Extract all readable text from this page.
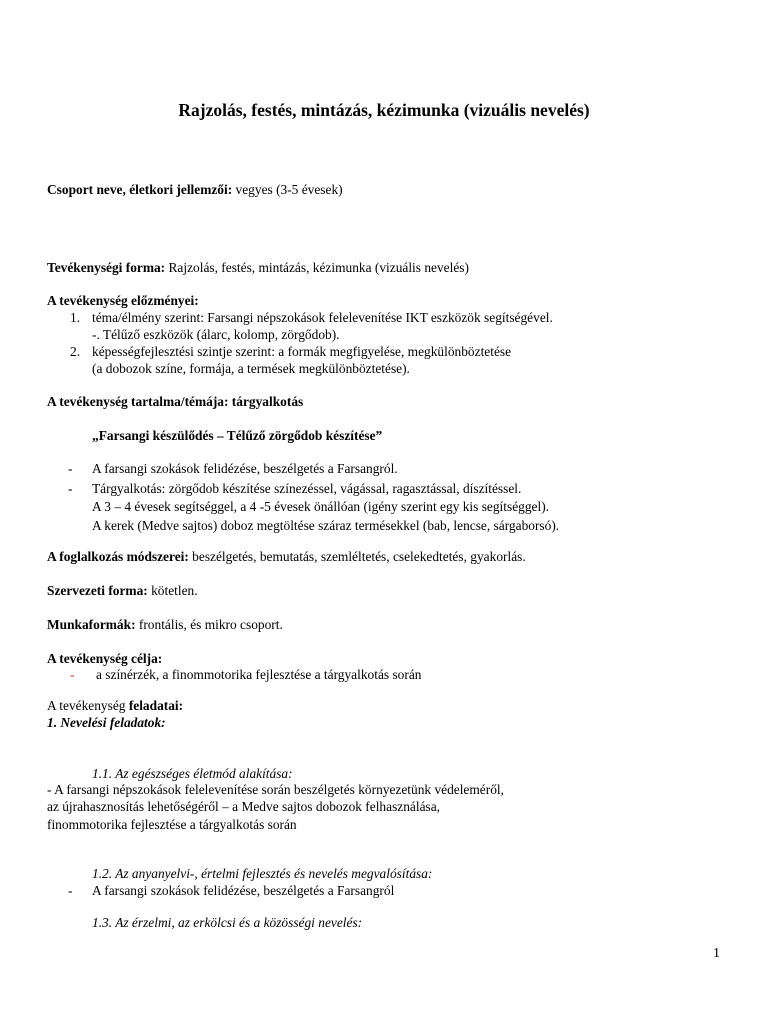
Rajzolás, festés, mintázás, kézimunka (vizuális nevelés)
Csoport neve, életkori jellemzői: vegyes (3-5 évesek)
Tevékenységi forma: Rajzolás, festés, mintázás, kézimunka (vizuális nevelés)
A tevékenység előzményei:
1. téma/élmény szerint: Farsangi népszokások felelevenítése IKT eszközök segítségével.
-. Télűző eszközök (álarc, kolomp, zörgődob).
2. képességfejlesztési szintje szerint: a formák megfigyelése, megkülönböztetése
(a dobozok színe, formája, a termések megkülönböztetése).
A tevékenység tartalma/témája: tárgyalkotás
„Farsangi készülődés – Télűző zörgődob készítése”
- A farsangi szokások felidézése, beszélgetés a Farsangról.
- Tárgyalkotás: zörgődob készítése színezéssel, vágással, ragasztással, díszítéssel.
A 3 – 4 évesek segítséggel, a 4 -5 évesek önállóan (igény szerint egy kis segítséggel).
A kerek (Medve sajtos) doboz megtöltése száraz termésekkel (bab, lencse, sárgaborsó).
A foglalkozás módszerei: beszélgetés, bemutatás, szemléltetés, cselekedtetés, gyakorlás.
Szervezeti forma: kötetlen.
Munkaformák: frontális, és mikro csoport.
A tevékenység célja:
- a színérzék, a finommotorika fejlesztése a tárgyalkotás során
A tevékenység feladatai:
1. Nevelési feladatok:
1.1. Az egészséges életmód alakítása:
- A farsangi népszokások felelevenítése során beszélgetés környezetünk védeleméről,
az újrahasznosítás lehetőségéről – a Medve sajtos dobozok felhasználása,
finommotorika fejlesztése a tárgyalkotás során
1.2. Az anyanyelvi-, értelmi fejlesztés és nevelés megvalósítása:
- A farsangi szokások felidézése, beszélgetés a Farsangról
1.3. Az érzelmi, az erkölcsi és a közösségi nevelés:
1
